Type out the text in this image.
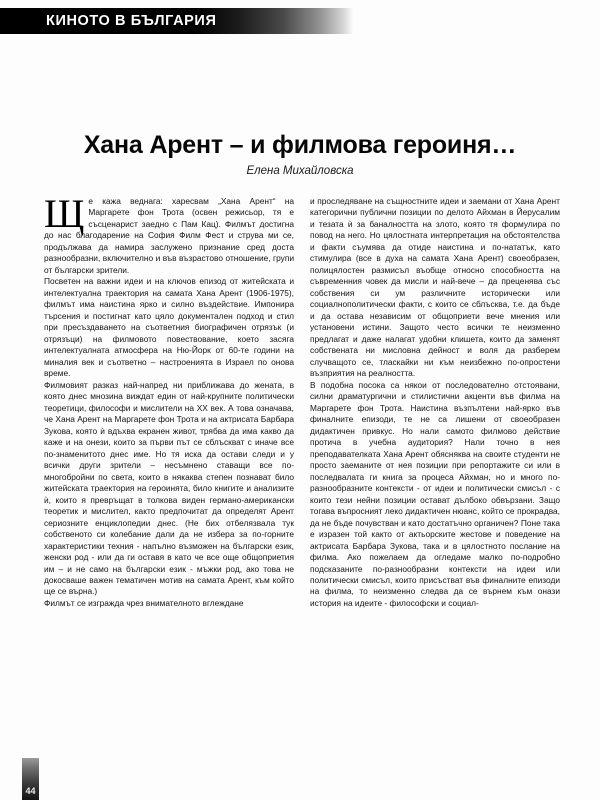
КИНОТО В БЪЛГАРИЯ
Хана Арент – и филмова героиня…
Елена Михайловска

Ще кажа веднага: харесвам „Хана Арент“ на Маргарете фон Трота (освен режисьор, тя е съсценарист заедно с Пам Кац). Филмът достигна до нас благодарение на София Филм Фест и струва ми се, продължава да намира заслужено признание сред доста разнообразни, включително и във възрастово отношение, групи от български зрители.

Посветен на важни идеи и на ключов епизод от житейската и интелектуална траектория на самата Хана Арент (1906-1975), филмът има наистина ярко и силно въздействие. Импонира търсения и постигнат като цяло документален подход и стил при пресъздаването на съответния биографичен отрязък (и отрязъци) на филмовото повествование, което засяга интелектуалната атмосфера на Ню-Йорк от 60-те години на миналия век и съответно – настроенията в Израел по онова време.

Филмовият разказ най-напред ни приближава до жената, в която днес мнозина виждат един от най-крупните политически теоретици, философи и мислители на ХХ век. А това означава, че Хана Арент на Маргарете фон Трота и на актрисата Барбара Зукова, която ѝ вдъхва екранен живот, трябва да има какво да каже и на онези, които за първи път се сблъскват с иначе все по-знаменитото днес име. Но тя иска да остави следи и у всички други зрители – несъмнено ставащи все по-многобройни по света, които в някаква степен познават било житейската траектория на героинята, било книгите и анализите ѝ, които я превръщат в толкова виден германо-американски теоретик и мислител, както предпочитат да определят Арент сериозните енциклопедии днес. (Не бих отбелязвала тук собственото си колебание дали да не избера за по-горните характеристики техния - напълно възможен на български език, женски род - или да ги оставя в като че все още общоприетия им – и не само на български език - мъжки род, ако това не докосваше важен тематичен мотив на самата Арент, към който ще се върна.)

Филмът се изгражда чрез внимателното вглеждане

и проследяване на същностните идеи и заемани от Хана Арент категорични публични позиции по делото Айхман в Йерусалим и тезата ѝ за баналността на злото, която тя формулира по повод на него. Но цялостната интерпретация на обстоятелства и факти съумява да отиде наистина и по-нататък, като стимулира (все в духа на самата Хана Арент) своеобразен, полицялостен размисъл въобще относно способността на съвременния човек да мисли и най-вече – да преценява със собствения си ум различните исторически или социалнополитически факти, с които се сблъсква, т.е. да бъде и да остава независим от общоприети вече мнения или установени истини. Защото често всички те неизменно предлагат и даже налагат удобни клишета, които да заменят собствената ни мисловна дейност и воля да разберем случващото се, тласкайки ни към неизбежно по-опростени възприятия на реалността.

В подобна посока са някои от последователно отстоявани, силни драматургични и стилистични акценти във филма на Маргарете фон Трота. Наистина възпълтени най-ярко във финалните епизоди, те не са лишени от своеобразен дидактичен привкус. Но нали самото филмово действие протича в учебна аудитория? Нали точно в нея преподавателката Хана Арент обясняква на своите студенти не просто заеманите от нея позиции при репортажите си или в последвалата ги книга за процеса Айхман, но и много по-разнообразните контексти - от идеи и политически смисъл - с които тези нейни позиции остават дълбоко обвързани. Защо тогава въпросният леко дидактичен нюанс, който се прокрадва, да не бъде почувстван и като достатъчно органичен? Поне така е изразен той както от актьорските жестове и поведение на актрисата Барбара Зукова, така и в цялостното послание на филма. Ако пожелаем да огледаме малко по-подробно подсказаните по-разнообразни контексти на идеи или политически смисъл, които присъстват във финалните епизоди на филма, то неизменно следва да се върнем към онази история на идеите - философски и социал-

44
